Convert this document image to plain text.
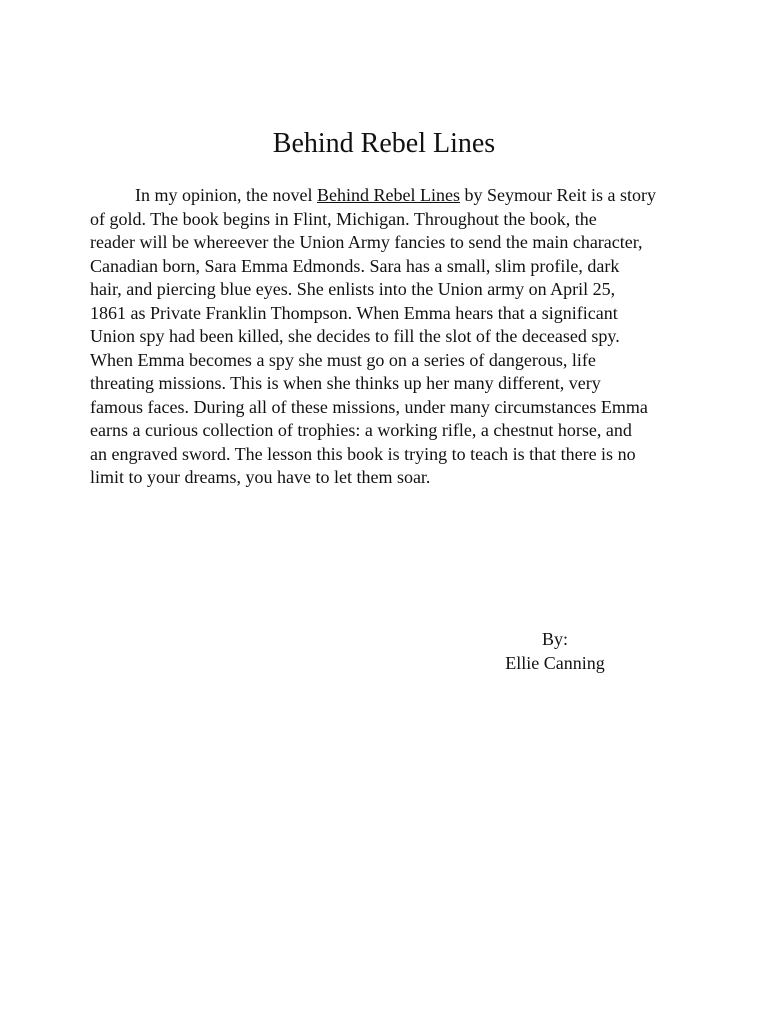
Behind Rebel Lines
In my opinion, the novel Behind Rebel Lines by Seymour Reit is a story
of gold. The book begins in Flint, Michigan. Throughout the book, the
reader will be whereever the Union Army fancies to send the main character,
Canadian born, Sara Emma Edmonds. Sara has a small, slim profile, dark
hair, and piercing blue eyes. She enlists into the Union army on April 25,
1861 as Private Franklin Thompson. When Emma hears that a significant
Union spy had been killed, she decides to fill the slot of the deceased spy.
When Emma becomes a spy she must go on a series of dangerous, life
threating missions. This is when she thinks up her many different, very
famous faces. During all of these missions, under many circumstances Emma
earns a curious collection of trophies: a working rifle, a chestnut horse, and
an engraved sword. The lesson this book is trying to teach is that there is no
limit to your dreams, you have to let them soar.
By:
Ellie Canning
